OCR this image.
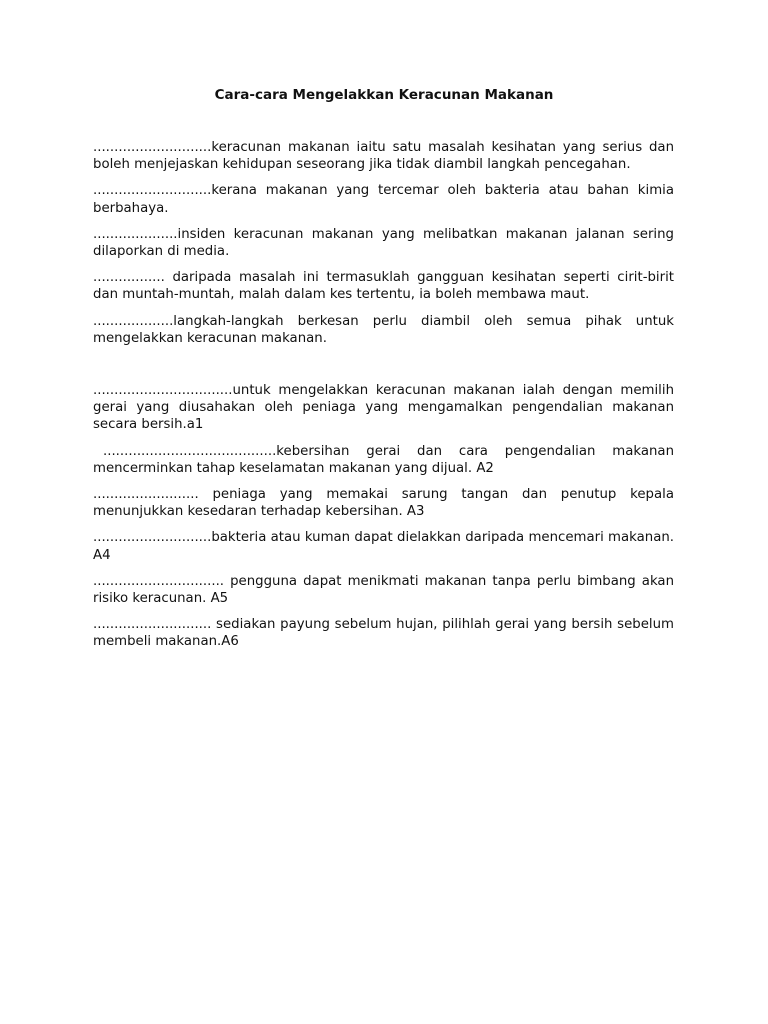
Cara-cara Mengelakkan Keracunan Makanan

............................keracunan makanan iaitu satu masalah kesihatan yang serius dan boleh menjejaskan kehidupan seseorang jika tidak diambil langkah pencegahan.

............................kerana makanan yang tercemar oleh bakteria atau bahan kimia berbahaya.

....................insiden keracunan makanan yang melibatkan makanan jalanan sering dilaporkan di media.

................. daripada masalah ini termasuklah gangguan kesihatan seperti cirit-birit dan muntah-muntah, malah dalam kes tertentu, ia boleh membawa maut.

...................langkah-langkah berkesan perlu diambil oleh semua pihak untuk mengelakkan keracunan makanan.

.................................untuk mengelakkan keracunan makanan ialah dengan memilih gerai yang diusahakan oleh peniaga yang mengamalkan pengendalian makanan secara bersih.a1

.........................................kebersihan gerai dan cara pengendalian makanan mencerminkan tahap keselamatan makanan yang dijual. A2

......................... peniaga yang memakai sarung tangan dan penutup kepala menunjukkan kesedaran terhadap kebersihan. A3

............................bakteria atau kuman dapat dielakkan daripada mencemari makanan. A4

............................... pengguna dapat menikmati makanan tanpa perlu bimbang akan risiko keracunan. A5

............................ sediakan payung sebelum hujan, pilihlah gerai yang bersih sebelum membeli makanan.A6
